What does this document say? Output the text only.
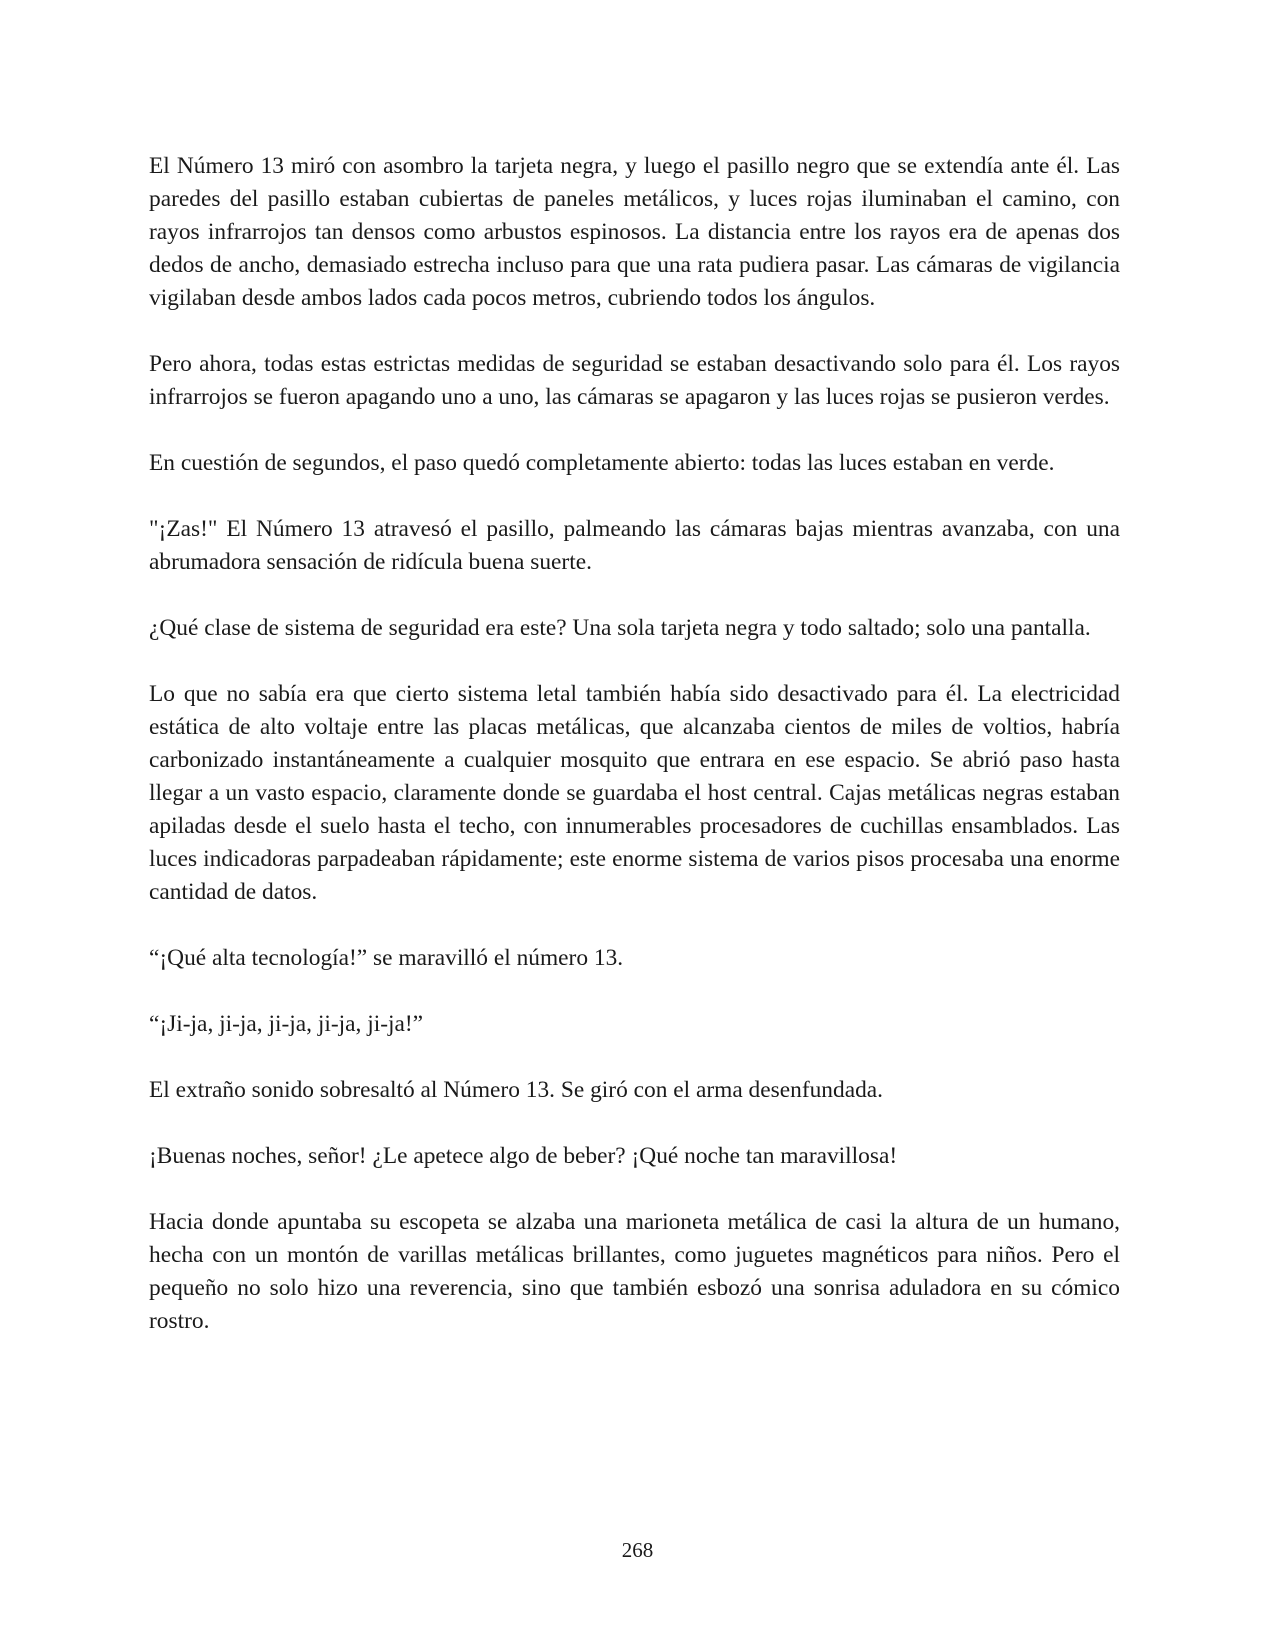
El Número 13 miró con asombro la tarjeta negra, y luego el pasillo negro que se extendía ante él. Las paredes del pasillo estaban cubiertas de paneles metálicos, y luces rojas iluminaban el camino, con rayos infrarrojos tan densos como arbustos espinosos. La distancia entre los rayos era de apenas dos dedos de ancho, demasiado estrecha incluso para que una rata pudiera pasar. Las cámaras de vigilancia vigilaban desde ambos lados cada pocos metros, cubriendo todos los ángulos.

Pero ahora, todas estas estrictas medidas de seguridad se estaban desactivando solo para él. Los rayos infrarrojos se fueron apagando uno a uno, las cámaras se apagaron y las luces rojas se pusieron verdes.

En cuestión de segundos, el paso quedó completamente abierto: todas las luces estaban en verde.

"¡Zas!" El Número 13 atravesó el pasillo, palmeando las cámaras bajas mientras avanzaba, con una abrumadora sensación de ridícula buena suerte.

¿Qué clase de sistema de seguridad era este? Una sola tarjeta negra y todo saltado; solo una pantalla.

Lo que no sabía era que cierto sistema letal también había sido desactivado para él. La electricidad estática de alto voltaje entre las placas metálicas, que alcanzaba cientos de miles de voltios, habría carbonizado instantáneamente a cualquier mosquito que entrara en ese espacio. Se abrió paso hasta llegar a un vasto espacio, claramente donde se guardaba el host central. Cajas metálicas negras estaban apiladas desde el suelo hasta el techo, con innumerables procesadores de cuchillas ensamblados. Las luces indicadoras parpadeaban rápidamente; este enorme sistema de varios pisos procesaba una enorme cantidad de datos.

“¡Qué alta tecnología!” se maravilló el número 13.

“¡Ji-ja, ji-ja, ji-ja, ji-ja, ji-ja!”

El extraño sonido sobresaltó al Número 13. Se giró con el arma desenfundada.

¡Buenas noches, señor! ¿Le apetece algo de beber? ¡Qué noche tan maravillosa!

Hacia donde apuntaba su escopeta se alzaba una marioneta metálica de casi la altura de un humano, hecha con un montón de varillas metálicas brillantes, como juguetes magnéticos para niños. Pero el pequeño no solo hizo una reverencia, sino que también esbozó una sonrisa aduladora en su cómico rostro.

268
